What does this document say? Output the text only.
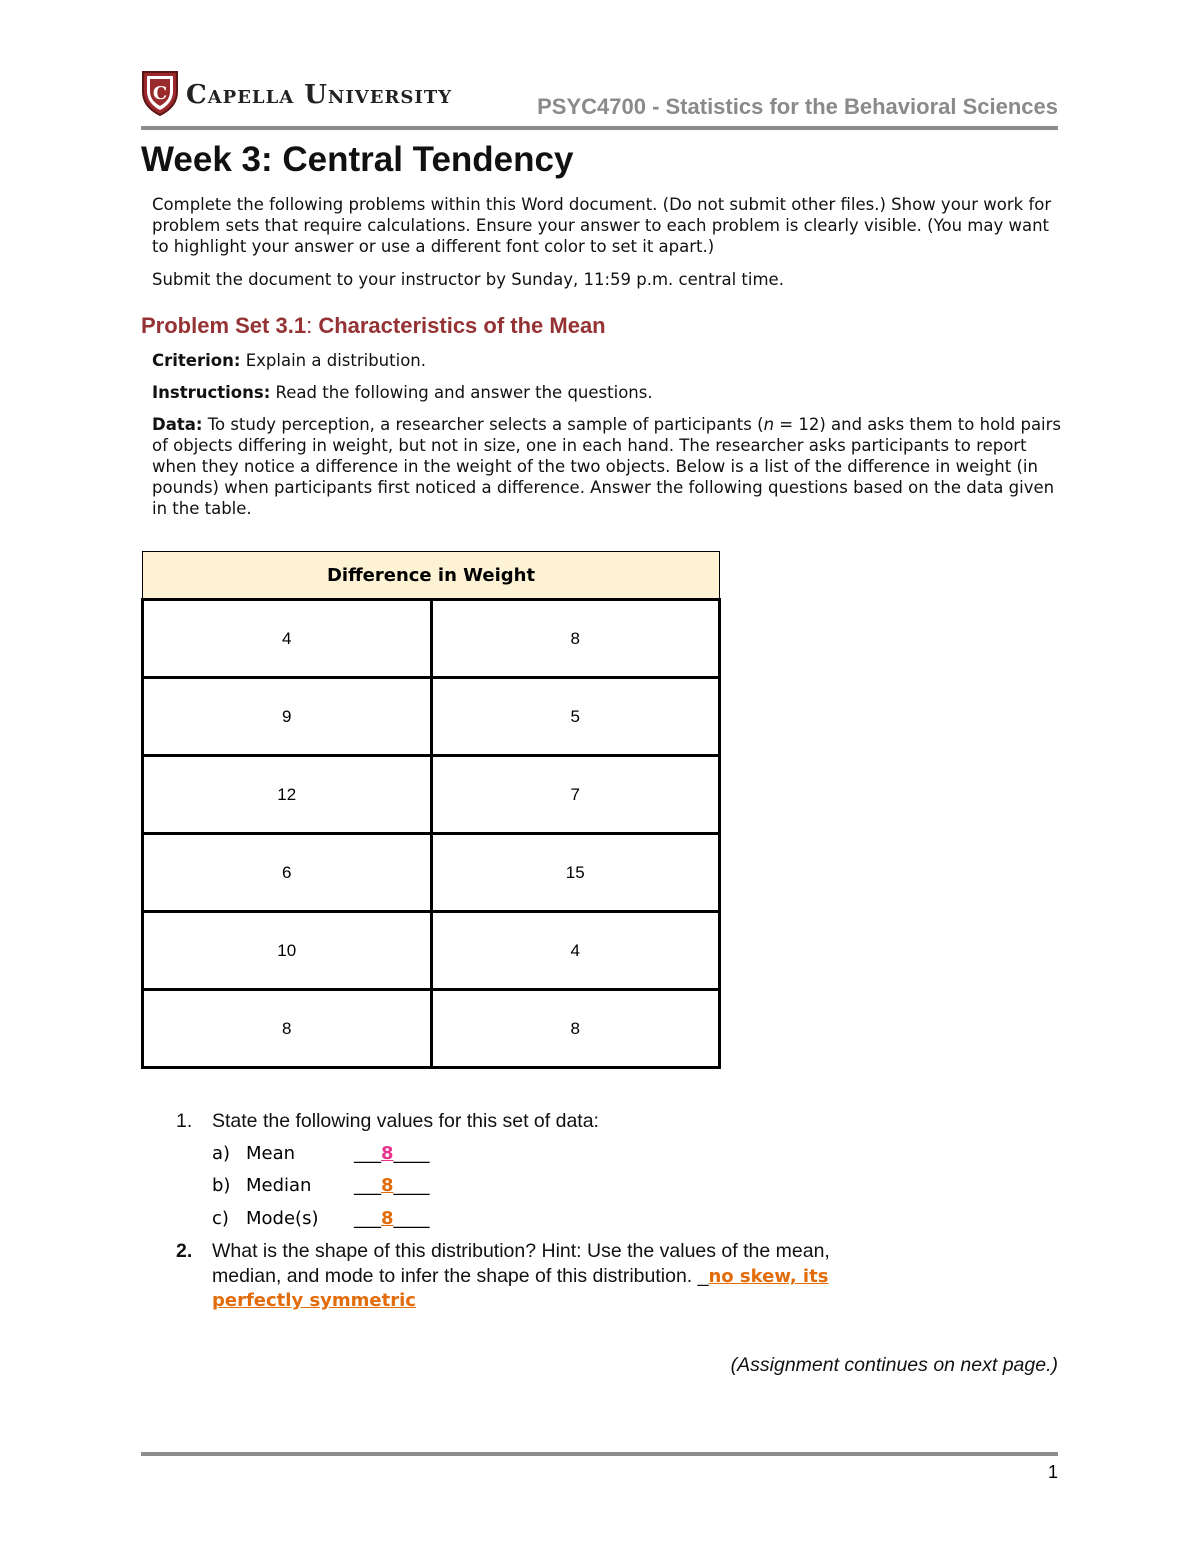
C Capella University	PSYC4700 - Statistics for the Behavioral Sciences
Week 3: Central Tendency
Complete the following problems within this Word document. (Do not submit other files.) Show your work for problem sets that require calculations. Ensure your answer to each problem is clearly visible. (You may want to highlight your answer or use a different font color to set it apart.)
Submit the document to your instructor by Sunday, 11:59 p.m. central time.
Problem Set 3.1: Characteristics of the Mean
Criterion: Explain a distribution.
Instructions: Read the following and answer the questions.
Data: To study perception, a researcher selects a sample of participants (n = 12) and asks them to hold pairs of objects differing in weight, but not in size, one in each hand. The researcher asks participants to report when they notice a difference in the weight of the two objects. Below is a list of the difference in weight (in pounds) when participants first noticed a difference. Answer the following questions based on the data given in the table.
Difference in Weight	
4	8
9	5
12	7
6	15
10	4
8	8
1. State the following values for this set of data:
a) Mean	___8____
b) Median ___8____
c) Mode(s) ___8____
2. What is the shape of this distribution? Hint: Use the values of the mean,
median, and mode to infer the shape of this distribution. _no skew, its
perfectly symmetric
(Assignment continues on next page.)
1
